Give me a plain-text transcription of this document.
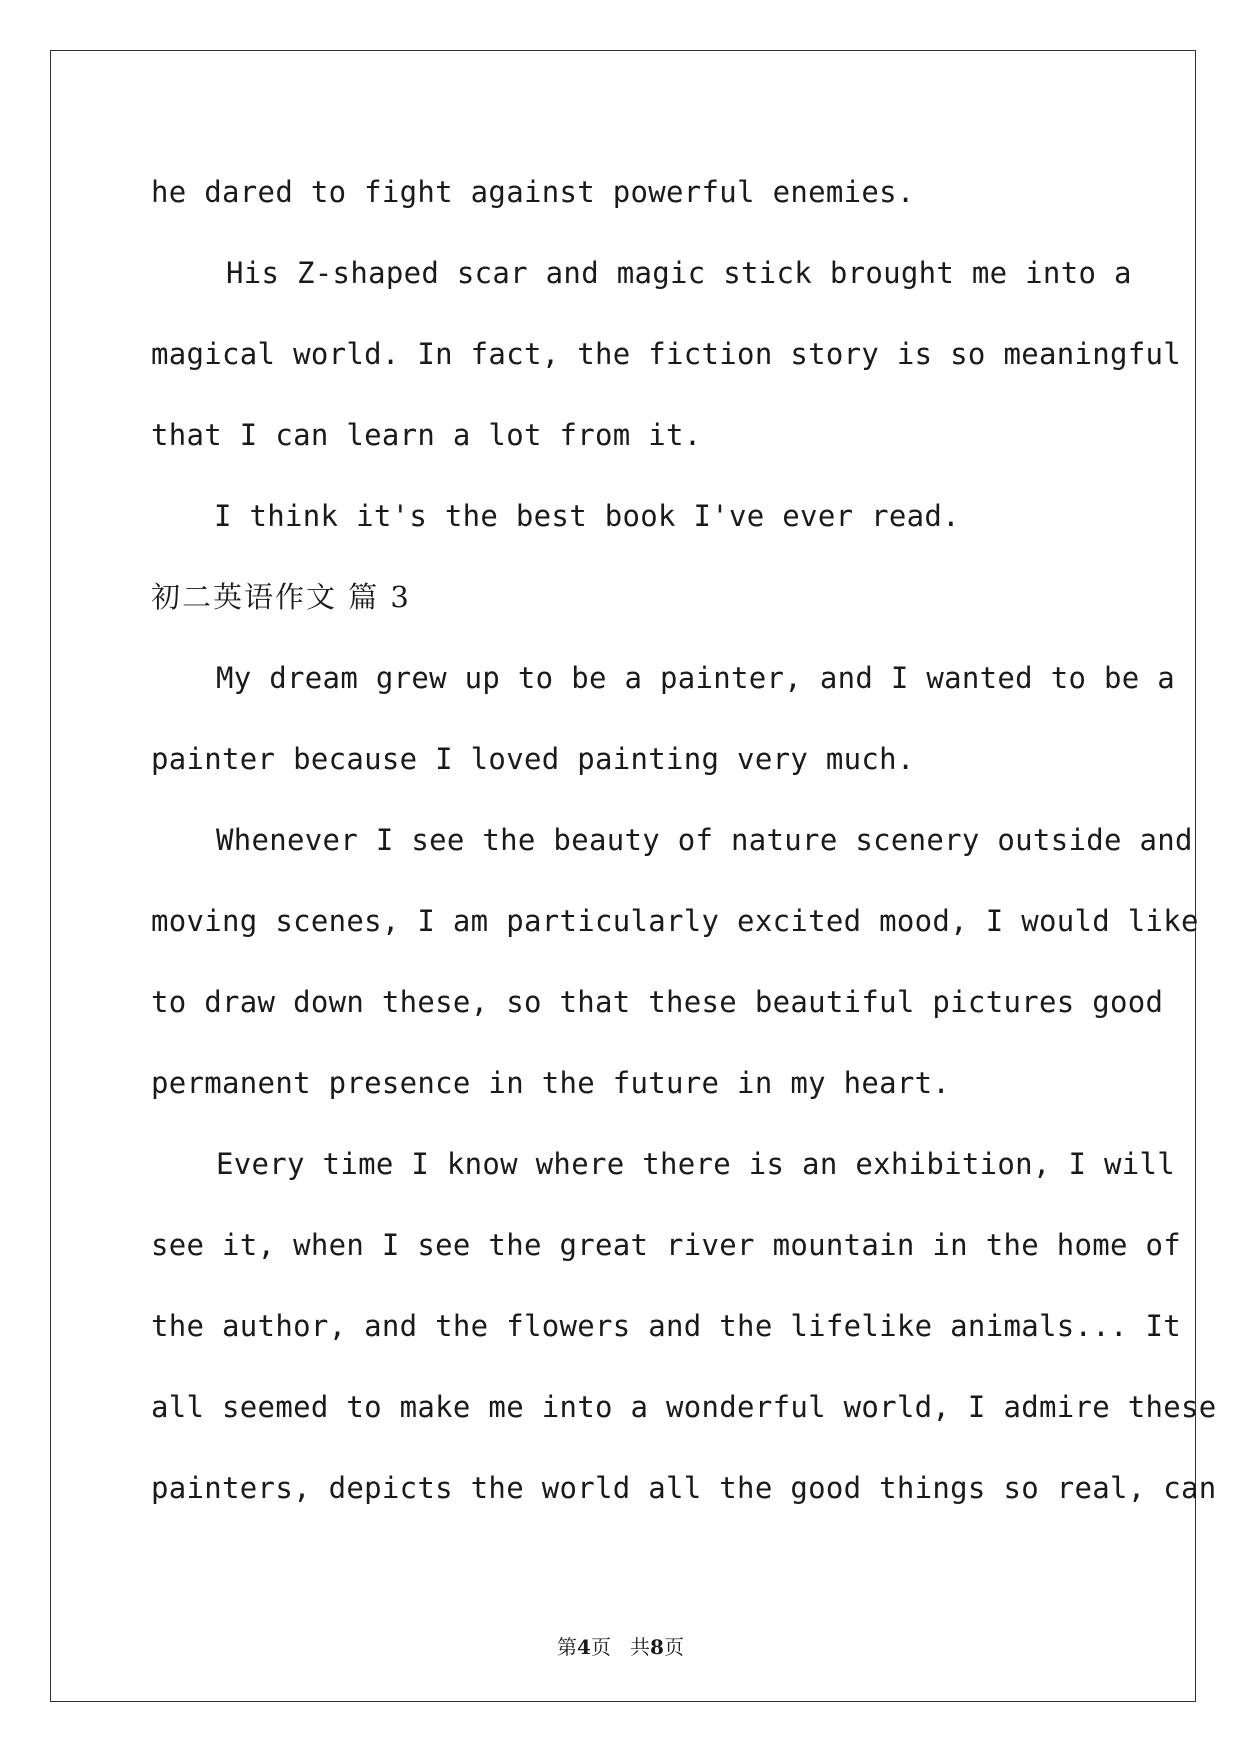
he dared to fight against powerful enemies.
His Z-shaped scar and magic stick brought me into a
magical world. In fact, the fiction story is so meaningful
that I can learn a lot from it.
I think it's the best book I've ever read.
初二英语作文 篇 3
My dream grew up to be a painter, and I wanted to be a
painter because I loved painting very much.
Whenever I see the beauty of nature scenery outside and
moving scenes, I am particularly excited mood, I would like
to draw down these, so that these beautiful pictures good
permanent presence in the future in my heart.
Every time I know where there is an exhibition, I will
see it, when I see the great river mountain in the home of
the author, and the flowers and the lifelike animals... It
all seemed to make me into a wonderful world, I admire these
painters, depicts the world all the good things so real, can
第4页   共8页
